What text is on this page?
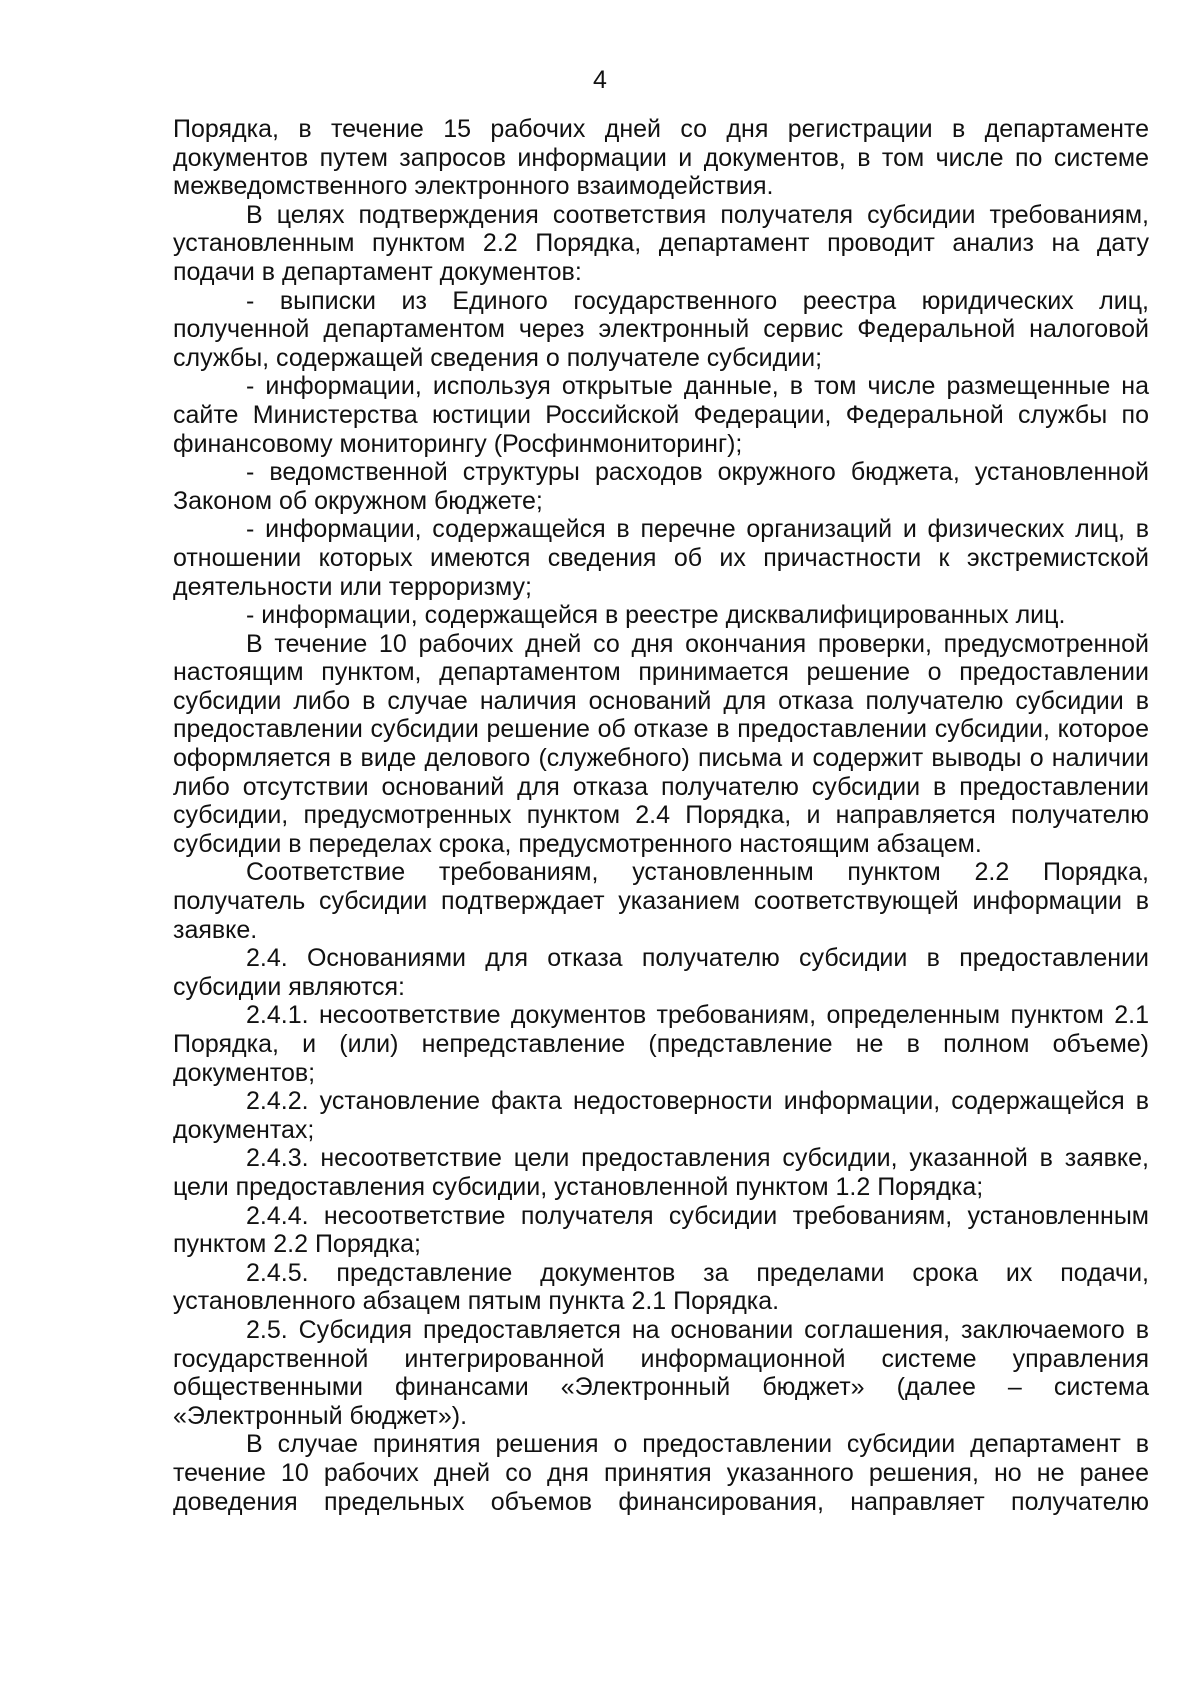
4

Порядка, в течение 15 рабочих дней со дня регистрации в департаменте документов путем запросов информации и документов, в том числе по системе межведомственного электронного взаимодействия.

В целях подтверждения соответствия получателя субсидии требованиям, установленным пунктом 2.2 Порядка, департамент проводит анализ на дату подачи в департамент документов:

- выписки из Единого государственного реестра юридических лиц, полученной департаментом через электронный сервис Федеральной налоговой службы, содержащей сведения о получателе субсидии;

- информации, используя открытые данные, в том числе размещенные на сайте Министерства юстиции Российской Федерации, Федеральной службы по финансовому мониторингу (Росфинмониторинг);

- ведомственной структуры расходов окружного бюджета, установленной Законом об окружном бюджете;

- информации, содержащейся в перечне организаций и физических лиц, в отношении которых имеются сведения об их причастности к экстремистской деятельности или терроризму;

- информации, содержащейся в реестре дисквалифицированных лиц.

В течение 10 рабочих дней со дня окончания проверки, предусмотренной настоящим пунктом, департаментом принимается решение о предоставлении субсидии либо в случае наличия оснований для отказа получателю субсидии в предоставлении субсидии решение об отказе в предоставлении субсидии, которое оформляется в виде делового (служебного) письма и содержит выводы о наличии либо отсутствии оснований для отказа получателю субсидии в предоставлении субсидии, предусмотренных пунктом 2.4 Порядка, и направляется получателю субсидии в переделах срока, предусмотренного настоящим абзацем.

Соответствие требованиям, установленным пунктом 2.2 Порядка, получатель субсидии подтверждает указанием соответствующей информации в заявке.

2.4. Основаниями для отказа получателю субсидии в предоставлении субсидии являются:

2.4.1. несоответствие документов требованиям, определенным пунктом 2.1 Порядка, и (или) непредставление (представление не в полном объеме) документов;

2.4.2. установление факта недостоверности информации, содержащейся в документах;

2.4.3. несоответствие цели предоставления субсидии, указанной в заявке, цели предоставления субсидии, установленной пунктом 1.2 Порядка;

2.4.4. несоответствие получателя субсидии требованиям, установленным пунктом 2.2 Порядка;

2.4.5. представление документов за пределами срока их подачи, установленного абзацем пятым пункта 2.1 Порядка.

2.5. Субсидия предоставляется на основании соглашения, заключаемого в государственной интегрированной информационной системе управления общественными финансами «Электронный бюджет» (далее – система «Электронный бюджет»).

В случае принятия решения о предоставлении субсидии департамент в течение 10 рабочих дней со дня принятия указанного решения, но не ранее доведения предельных объемов финансирования, направляет получателю
